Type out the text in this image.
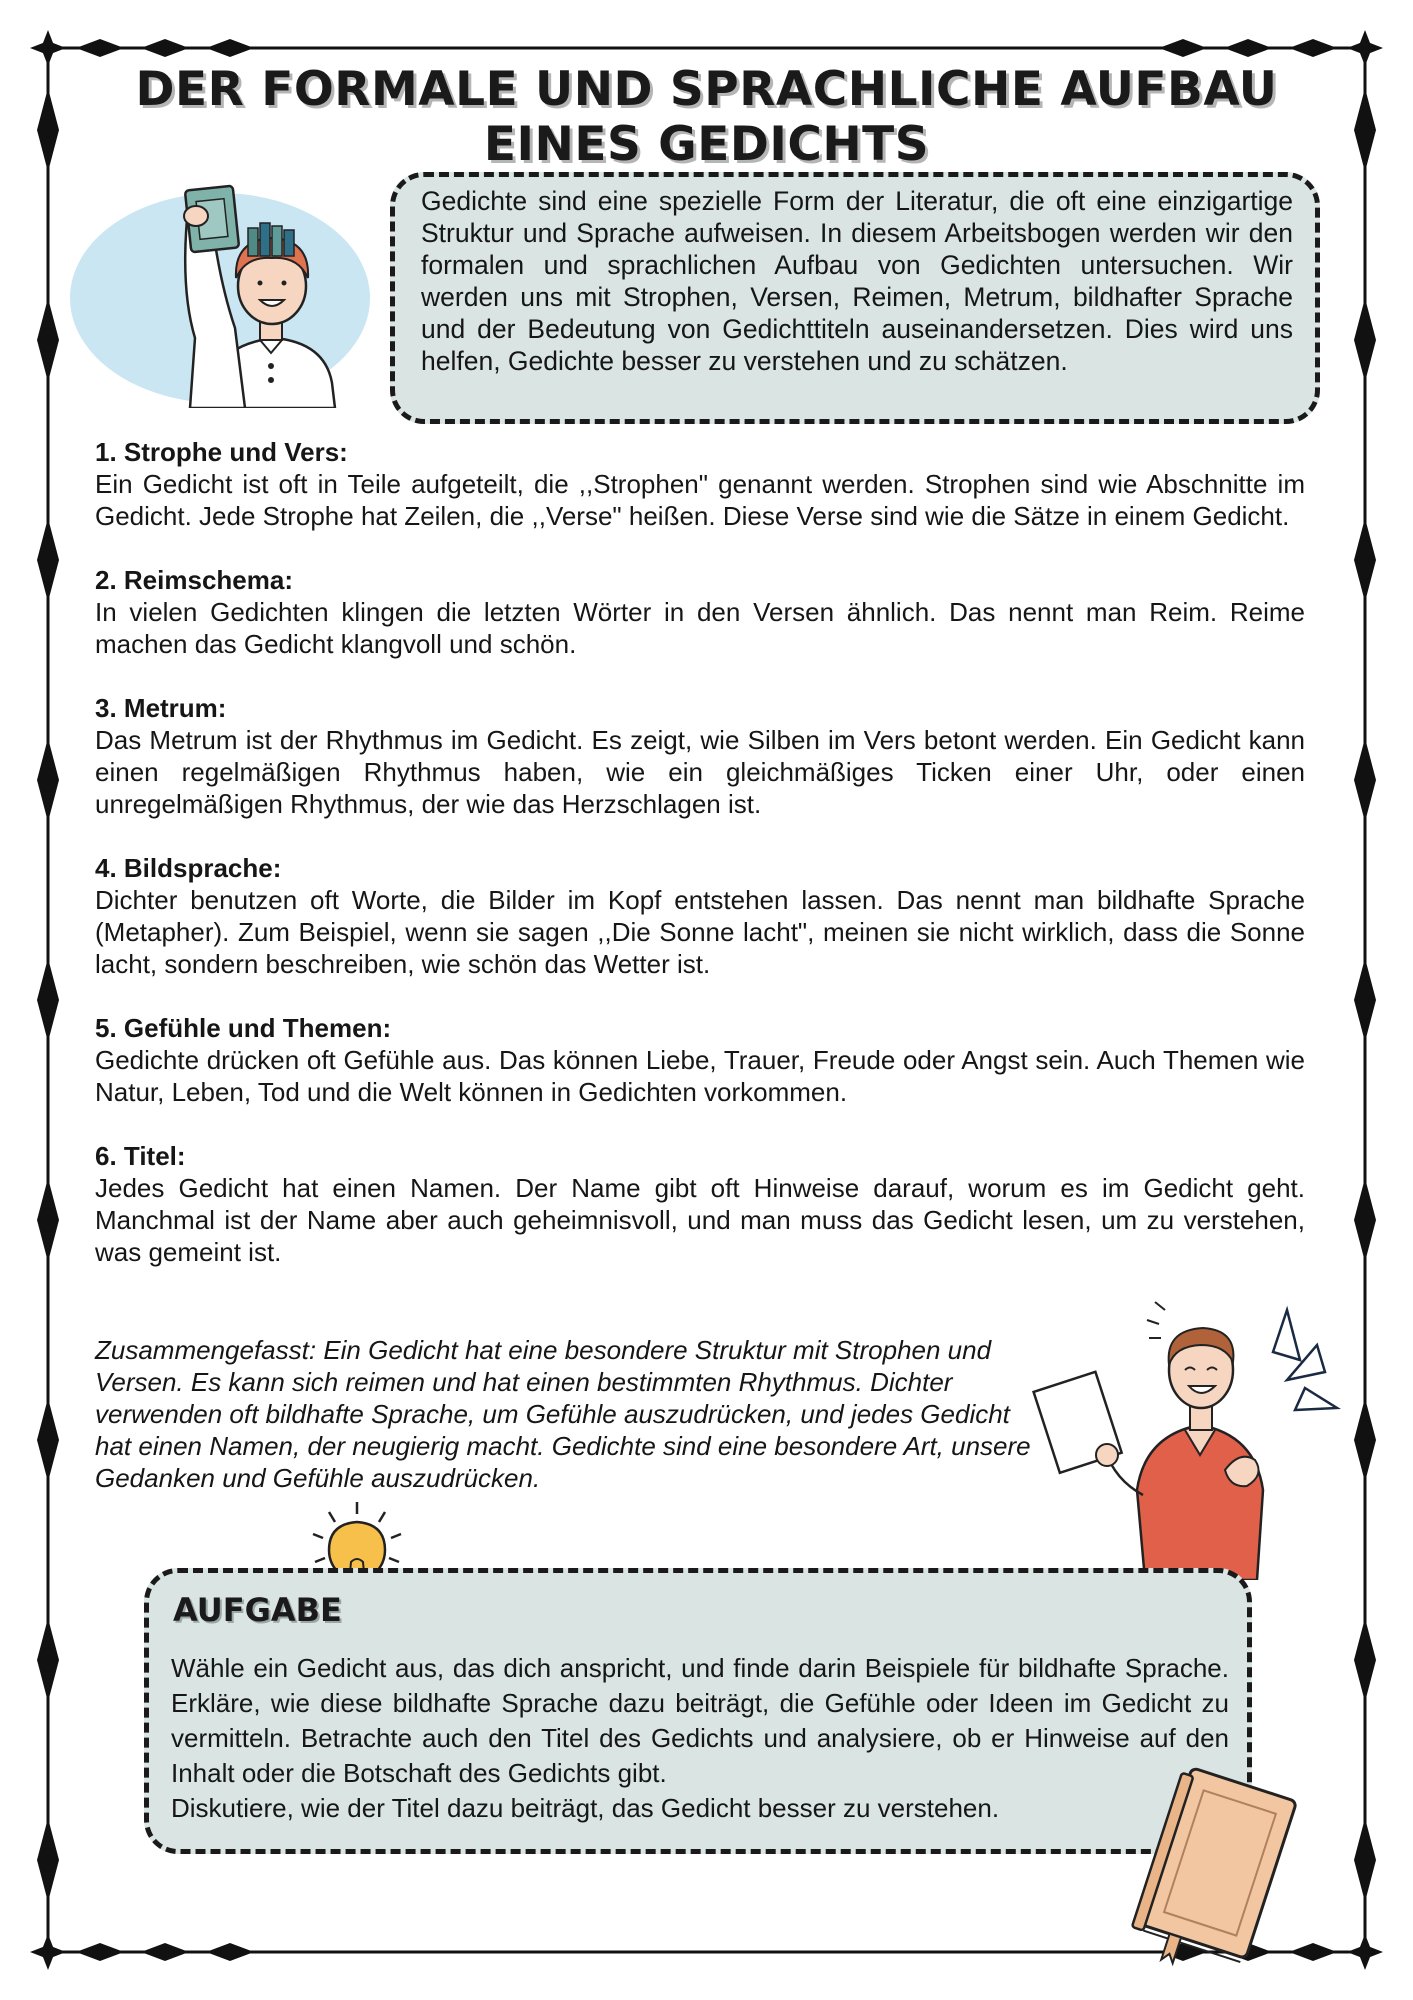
DER FORMALE UND SPRACHLICHE AUFBAU EINES GEDICHTS

Gedichte sind eine spezielle Form der Literatur, die oft eine einzigartige Struktur und Sprache aufweisen. In diesem Arbeitsbogen werden wir den formalen und sprachlichen Aufbau von Gedichten untersuchen. Wir werden uns mit Strophen, Versen, Reimen, Metrum, bildhafter Sprache und der Bedeutung von Gedichttiteln auseinandersetzen. Dies wird uns helfen, Gedichte besser zu verstehen und zu schätzen.

1. Strophe und Vers:

Ein Gedicht ist oft in Teile aufgeteilt, die ,,Strophen" genannt werden. Strophen sind wie Abschnitte im Gedicht. Jede Strophe hat Zeilen, die ,,Verse" heißen. Diese Verse sind wie die Sätze in einem Gedicht.

2. Reimschema:

In vielen Gedichten klingen die letzten Wörter in den Versen ähnlich. Das nennt man Reim. Reime machen das Gedicht klangvoll und schön.

3. Metrum:

Das Metrum ist der Rhythmus im Gedicht. Es zeigt, wie Silben im Vers betont werden. Ein Gedicht kann einen regelmäßigen Rhythmus haben, wie ein gleichmäßiges Ticken einer Uhr, oder einen unregelmäßigen Rhythmus, der wie das Herzschlagen ist.

4. Bildsprache:

Dichter benutzen oft Worte, die Bilder im Kopf entstehen lassen. Das nennt man bildhafte Sprache (Metapher). Zum Beispiel, wenn sie sagen ,,Die Sonne lacht", meinen sie nicht wirklich, dass die Sonne lacht, sondern beschreiben, wie schön das Wetter ist.

5. Gefühle und Themen:

Gedichte drücken oft Gefühle aus. Das können Liebe, Trauer, Freude oder Angst sein. Auch Themen wie Natur, Leben, Tod und die Welt können in Gedichten vorkommen.

6. Titel:

Jedes Gedicht hat einen Namen. Der Name gibt oft Hinweise darauf, worum es im Gedicht geht. Manchmal ist der Name aber auch geheimnisvoll, und man muss das Gedicht lesen, um zu verstehen, was gemeint ist.

Zusammengefasst: Ein Gedicht hat eine besondere Struktur mit Strophen und Versen. Es kann sich reimen und hat einen bestimmten Rhythmus. Dichter verwenden oft bildhafte Sprache, um Gefühle auszudrücken, und jedes Gedicht hat einen Namen, der neugierig macht. Gedichte sind eine besondere Art, unsere Gedanken und Gefühle auszudrücken.

AUFGABE

Wähle ein Gedicht aus, das dich anspricht, und finde darin Beispiele für bildhafte Sprache. Erkläre, wie diese bildhafte Sprache dazu beiträgt, die Gefühle oder Ideen im Gedicht zu vermitteln. Betrachte auch den Titel des Gedichts und analysiere, ob er Hinweise auf den Inhalt oder die Botschaft des Gedichts gibt.
Diskutiere, wie der Titel dazu beiträgt, das Gedicht besser zu verstehen.
